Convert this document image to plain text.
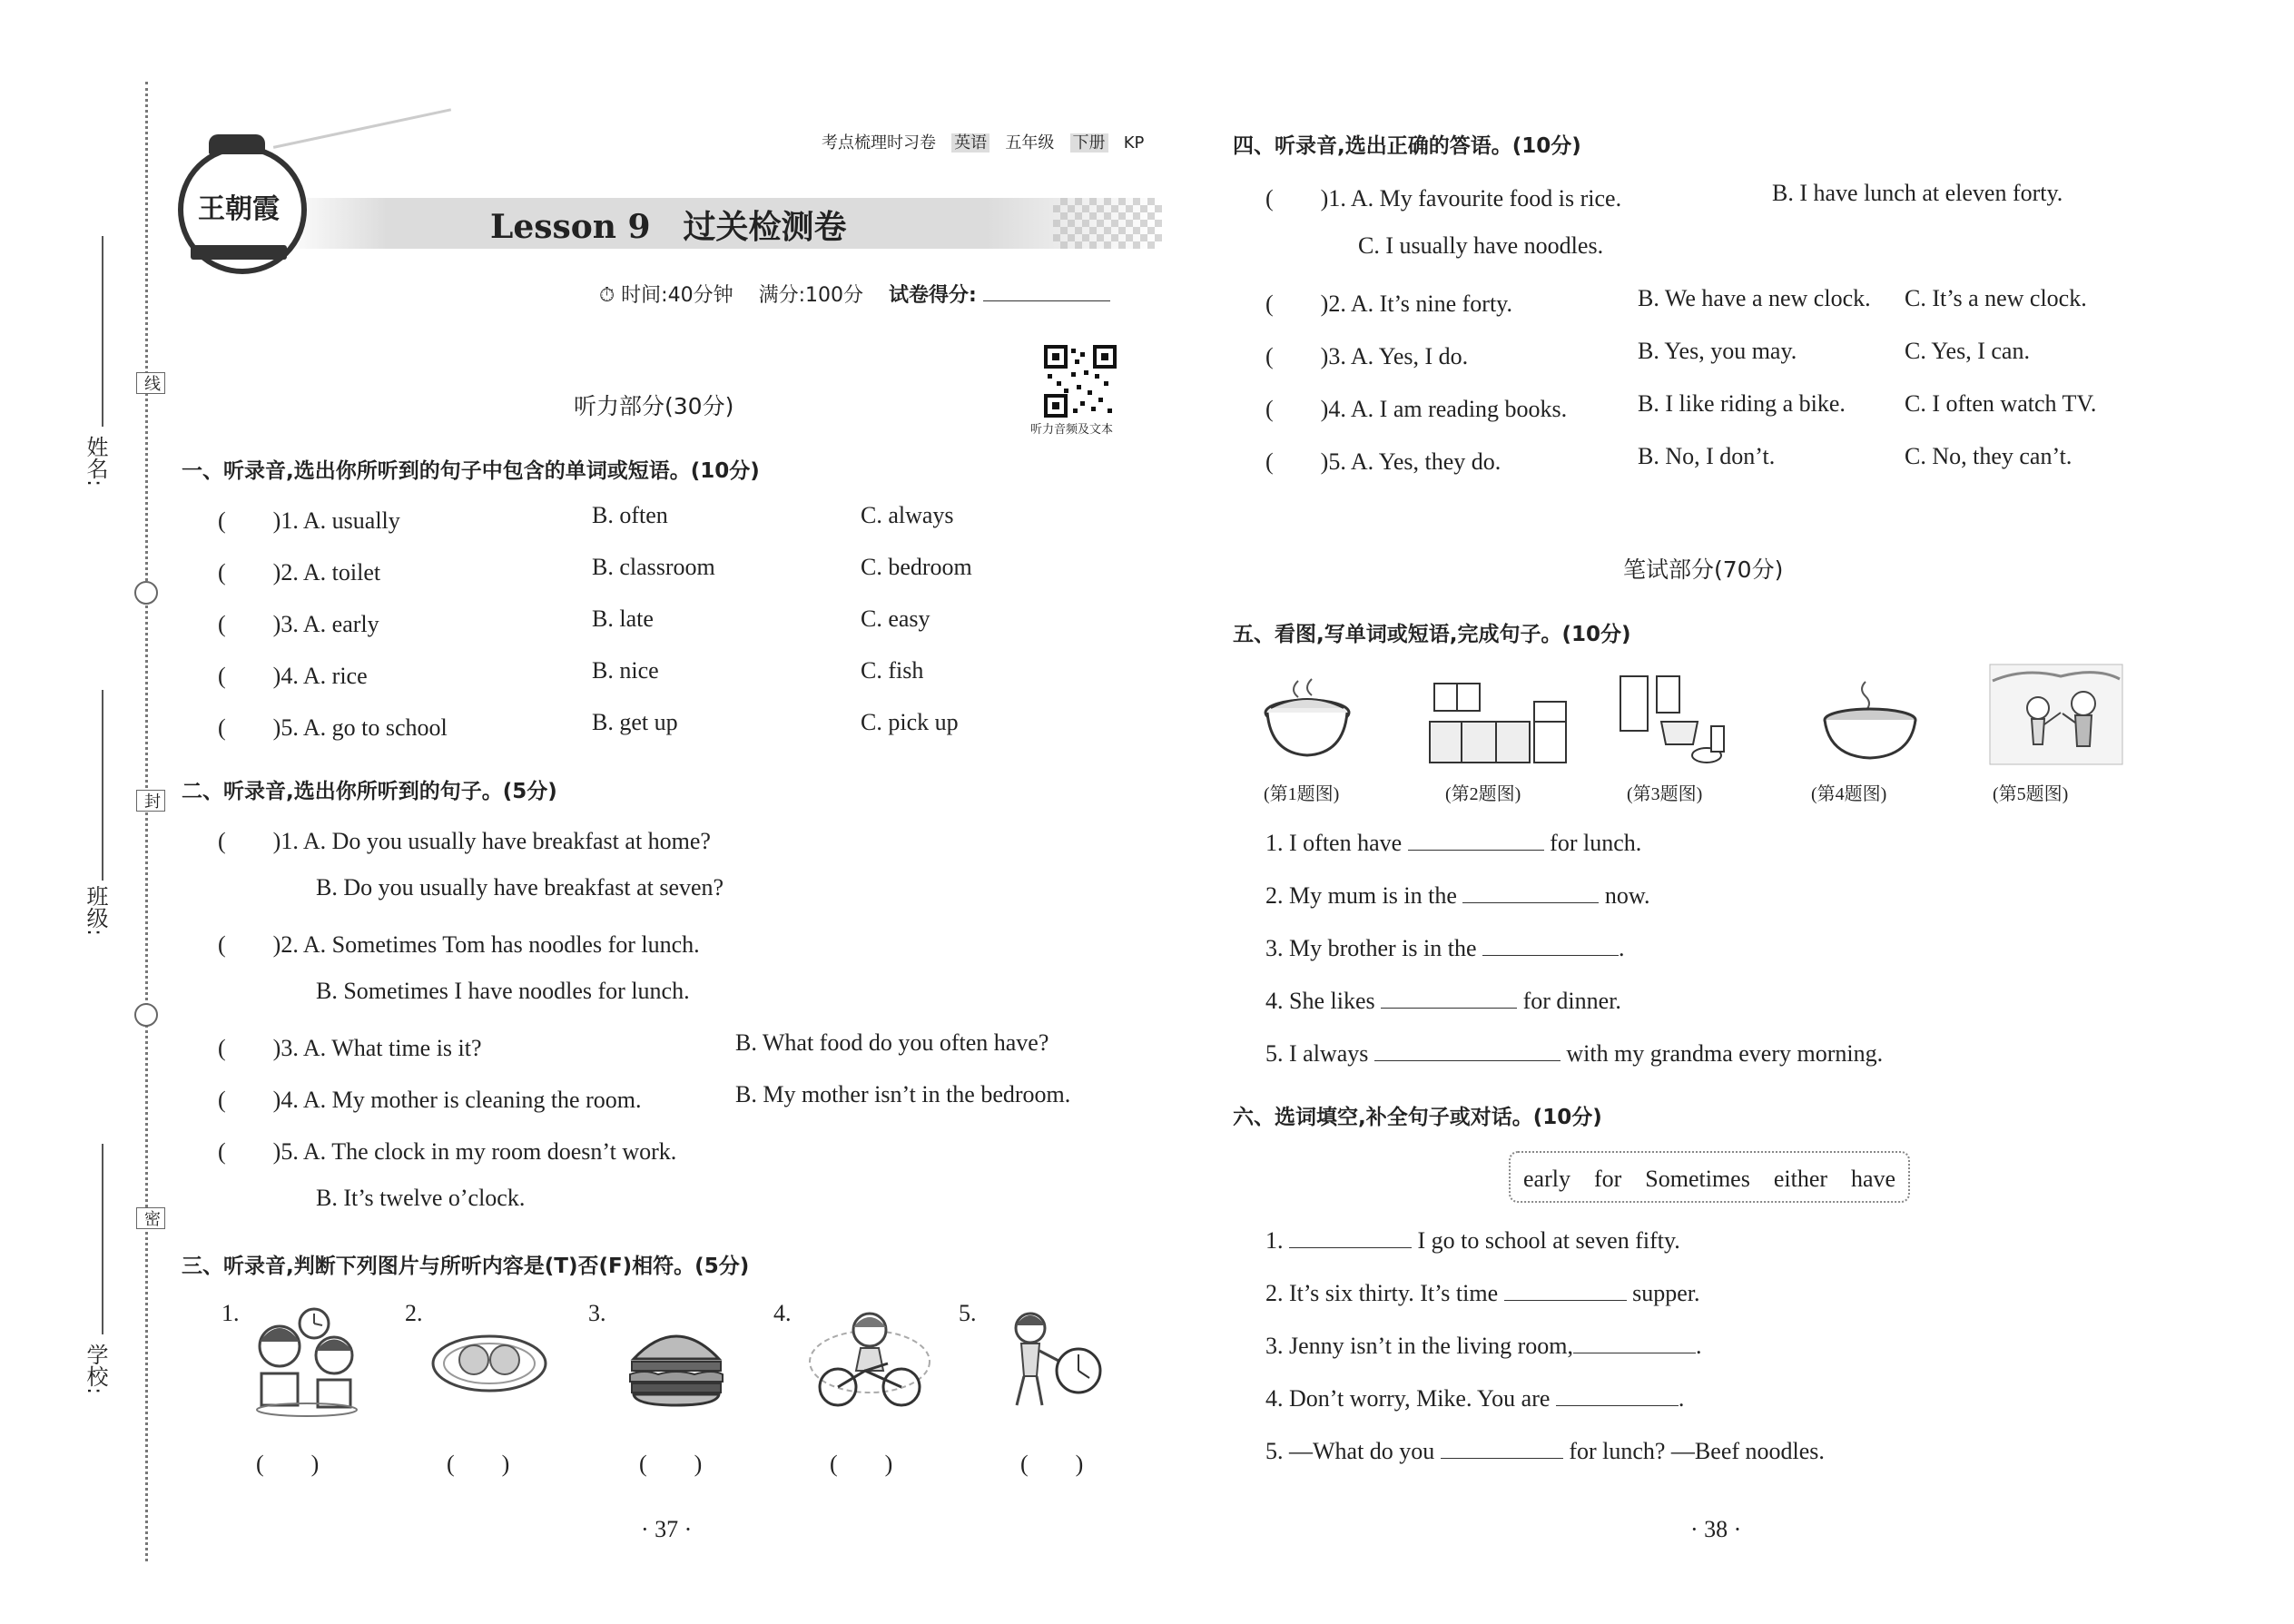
姓名:
班级:
学校:
线
封
密
考点梳理时习卷 英语 五年级 下册 KP
Lesson 9　过关检测卷
王朝霞
⏱ 时间:40分钟 满分:100分 试卷得分:
听力音频及文本
听力部分(30分)
一、听录音,选出你所听到的句子中包含的单词或短语。(10分)
(　　)1. A. usually	B. often	C. always
(　　)2. A. toilet	B. classroom	C. bedroom
(　　)3. A. early	B. late	C. easy
(　　)4. A. rice	B. nice	C. fish
(　　)5. A. go to school	B. get up	C. pick up
二、听录音,选出你所听到的句子。(5分)
(　　)1. A. Do you usually have breakfast at home?
B. Do you usually have breakfast at seven?
(　　)2. A. Sometimes Tom has noodles for lunch.
B. Sometimes I have noodles for lunch.
(　　)3. A. What time is it?	B. What food do you often have?
(　　)4. A. My mother is cleaning the room.	B. My mother isn’t in the bedroom.
(　　)5. A. The clock in my room doesn’t work.
B. It’s twelve o’clock.
三、听录音,判断下列图片与所听内容是(T)否(F)相符。(5分)
1.	2.	3.	4.	5.
(　　)	(　　)	(　　)	(　　)	(　　)
· 37 ·
四、听录音,选出正确的答语。(10分)
(　　)1. A. My favourite food is rice.	B. I have lunch at eleven forty.
C. I usually have noodles.
(　　)2. A. It’s nine forty.	B. We have a new clock. C. It’s a new clock.
(　　)3. A. Yes, I do.	B. Yes, you may.	C. Yes, I can.
(　　)4. A. I am reading books.	B. I like riding a bike.	C. I often watch TV.
(　　)5. A. Yes, they do.	B. No, I don’t.	C. No, they can’t.
笔试部分(70分)
五、看图,写单词或短语,完成句子。(10分)
(第1题图)	(第2题图)	(第3题图)	(第4题图)	(第5题图)
1. I often have	for lunch.
2. My mum is in the	now.
3. My brother is in the	.
4. She likes	for dinner.
5. I always	with my grandma every morning.
六、选词填空,补全句子或对话。(10分)
early　for　Sometimes　either　have
1.	I go to school at seven fifty.
2. It’s six thirty. It’s time	supper.
3. Jenny isn’t in the living room,	.
4. Don’t worry, Mike. You are	.
5. —What do you	for lunch? —Beef noodles.
· 38 ·
